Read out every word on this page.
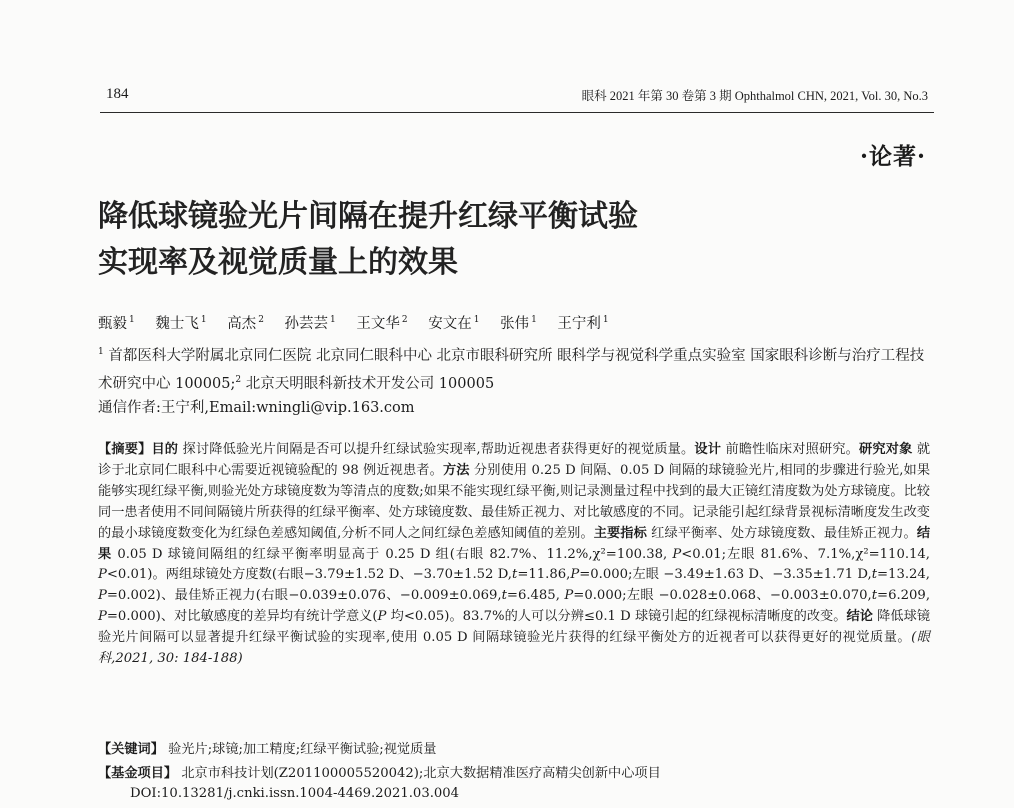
184	眼科 2021 年第 30 卷第 3 期 Ophthalmol CHN, 2021, Vol. 30, No.3
·论著·
降低球镜验光片间隔在提升红绿平衡试验
实现率及视觉质量上的效果
甄毅 $^1$ 魏士飞 $^1$ 高杰 $^2$ 孙芸芸 $^1$ 王文华 $^2$ 安文在 $^1$ 张伟 $^1$ 王宁利 $^1$
$^1$ 首都医科大学附属北京同仁医院 北京同仁眼科中心 北京市眼科研究所 眼科学与视觉科学重点实验室 国家眼科诊断与治疗工程技术研究中心 100005;$^2$ 北京天明眼科新技术开发公司 100005
通信作者:王宁利,Email:wningli@vip.163.com
【摘要】目的 探讨降低验光片间隔是否可以提升红绿试验实现率,帮助近视患者获得更好的视觉质量。设计 前瞻性临床对照研究。研究对象 就诊于北京同仁眼科中心需要近视镜验配的 98 例近视患者。方法 分别使用 0.25 D 间隔、0.05 D 间隔的球镜验光片,相同的步骤进行验光,如果能够实现红绿平衡,则验光处方球镜度数为等清点的度数;如果不能实现红绿平衡,则记录测量过程中找到的最大正镜红清度数为处方球镜度。比较同一患者使用不同间隔镜片所获得的红绿平衡率、处方球镜度数、最佳矫正视力、对比敏感度的不同。记录能引起红绿背景视标清晰度发生改变的最小球镜度数变化为红绿色差感知阈值,分析不同人之间红绿色差感知阈值的差别。主要指标 红绿平衡率、处方球镜度数、最佳矫正视力。结果 0.05 D 球镜间隔组的红绿平衡率明显高于 0.25 D 组(右眼 82.7%、11.2%,χ²=100.38, P<0.01;左眼 81.6%、7.1%,χ²=110.14, P<0.01)。两组球镜处方度数(右眼−3.79±1.52 D、−3.70±1.52 D,t=11.86,P=0.000;左眼 −3.49±1.63 D、−3.35±1.71 D,t=13.24, P=0.002)、最佳矫正视力(右眼−0.039±0.076、−0.009±0.069,t=6.485, P=0.000;左眼 −0.028±0.068、−0.003±0.070,t=6.209, P=0.000)、对比敏感度的差异均有统计学意义(P 均<0.05)。83.7%的人可以分辨≤0.1 D 球镜引起的红绿视标清晰度的改变。结论 降低球镜验光片间隔可以显著提升红绿平衡试验的实现率,使用 0.05 D 间隔球镜验光片获得的红绿平衡处方的近视者可以获得更好的视觉质量。(眼科,2021, 30: 184-188)
【关键词】 验光片;球镜;加工精度;红绿平衡试验;视觉质量
【基金项目】 北京市科技计划(Z201100005520042);北京大数据精准医疗高精尖创新中心项目
DOI:10.13281/j.cnki.issn.1004-4469.2021.03.004
